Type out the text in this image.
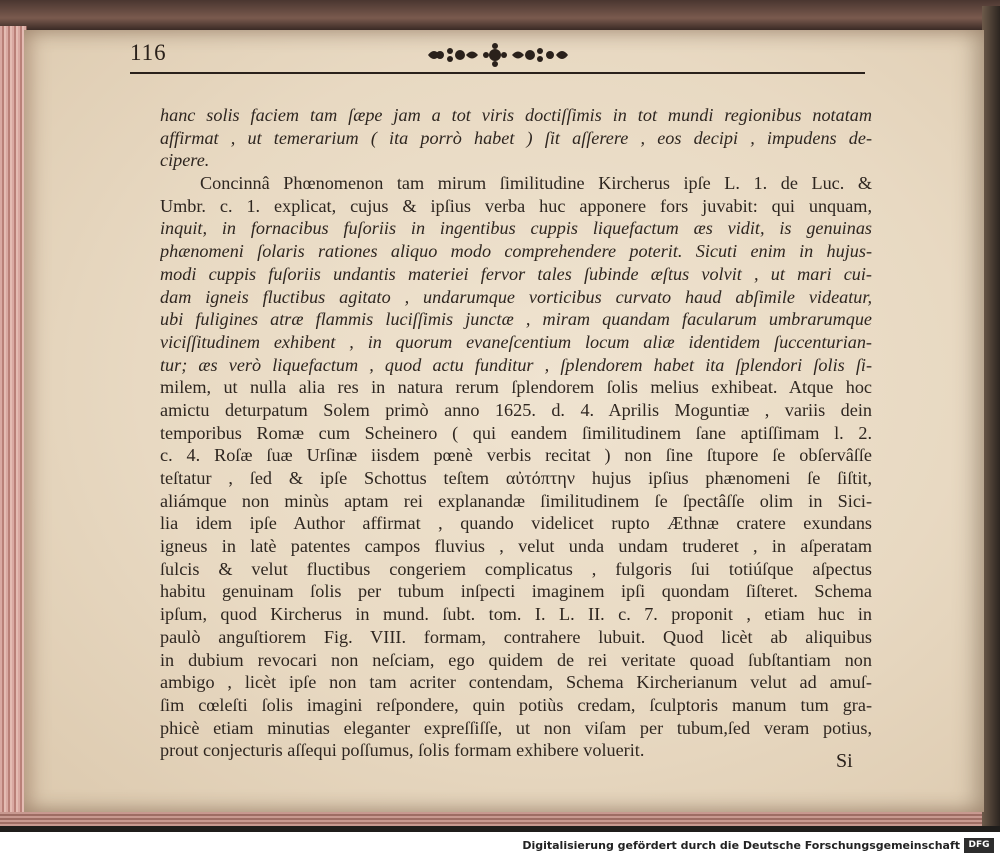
116
hanc solis faciem tam ſæpe jam a tot viris doctiſſimis in tot mundi regionibus notatam
affirmat , ut temerarium ( ita porrò habet ) ſit aſſerere , eos decipi , impudens de-
cipere.
Concinnâ Phœnomenon tam mirum ſimilitudine Kircherus ipſe L. 1. de Luc. &
Umbr. c. 1. explicat, cujus & ipſius verba huc apponere fors juvabit: qui unquam,
inquit, in fornacibus fuſoriis in ingentibus cuppis liquefactum æs vidit, is genuinas
phænomeni ſolaris rationes aliquo modo comprehendere poterit. Sicuti enim in hujus-
modi cuppis fuſoriis undantis materiei fervor tales ſubinde æſtus volvit , ut mari cui-
dam igneis fluctibus agitato , undarumque vorticibus curvato haud abſimile videatur,
ubi fuligines atræ flammis luciſſimis junctæ , miram quandam facularum umbrarumque
viciſſitudinem exhibent , in quorum evaneſcentium locum aliæ identidem ſuccenturian-
tur; æs verò liquefactum , quod actu funditur , ſplendorem habet ita ſplendori ſolis ſi-
milem, ut nulla alia res in natura rerum ſplendorem ſolis melius exhibeat. Atque hoc
amictu deturpatum Solem primò anno 1625. d. 4. Aprilis Moguntiæ , variis dein
temporibus Romæ cum Scheinero ( qui eandem ſimilitudinem ſane aptiſſimam l. 2.
c. 4. Roſæ ſuæ Urſinæ iisdem pœnè verbis recitat ) non ſine ſtupore ſe obſervâſſe
teſtatur , ſed & ipſe Schottus teſtem αὐτόπτην hujus ipſius phænomeni ſe ſiſtit,
aliámque non minùs aptam rei explanandæ ſimilitudinem ſe ſpectâſſe olim in Sici-
lia idem ipſe Author affirmat , quando videlicet rupto Æthnæ cratere exundans
igneus in latè patentes campos fluvius , velut unda undam truderet , in aſperatam
ſulcis & velut fluctibus congeriem complicatus , fulgoris ſui totiúſque aſpectus
habitu genuinam ſolis per tubum inſpecti imaginem ipſi quondam ſiſteret. Schema
ipſum, quod Kircherus in mund. ſubt. tom. I. L. II. c. 7. proponit , etiam huc in
paulò anguſtiorem Fig. VIII. formam, contrahere lubuit. Quod licèt ab aliquibus
in dubium revocari non neſciam, ego quidem de rei veritate quoad ſubſtantiam non
ambigo , licèt ipſe non tam acriter contendam, Schema Kircherianum velut ad amuſ-
ſim cœleſti ſolis imagini reſpondere, quin potiùs credam, ſculptoris manum tum gra-
phicè etiam minutias eleganter expreſſiſſe, ut non viſam per tubum,ſed veram potius,
prout conjecturis aſſequi poſſumus, ſolis formam exhibere voluerit.	Si
Digitalisierung gefördert durch die Deutsche Forschungsgemeinschaft DFG
